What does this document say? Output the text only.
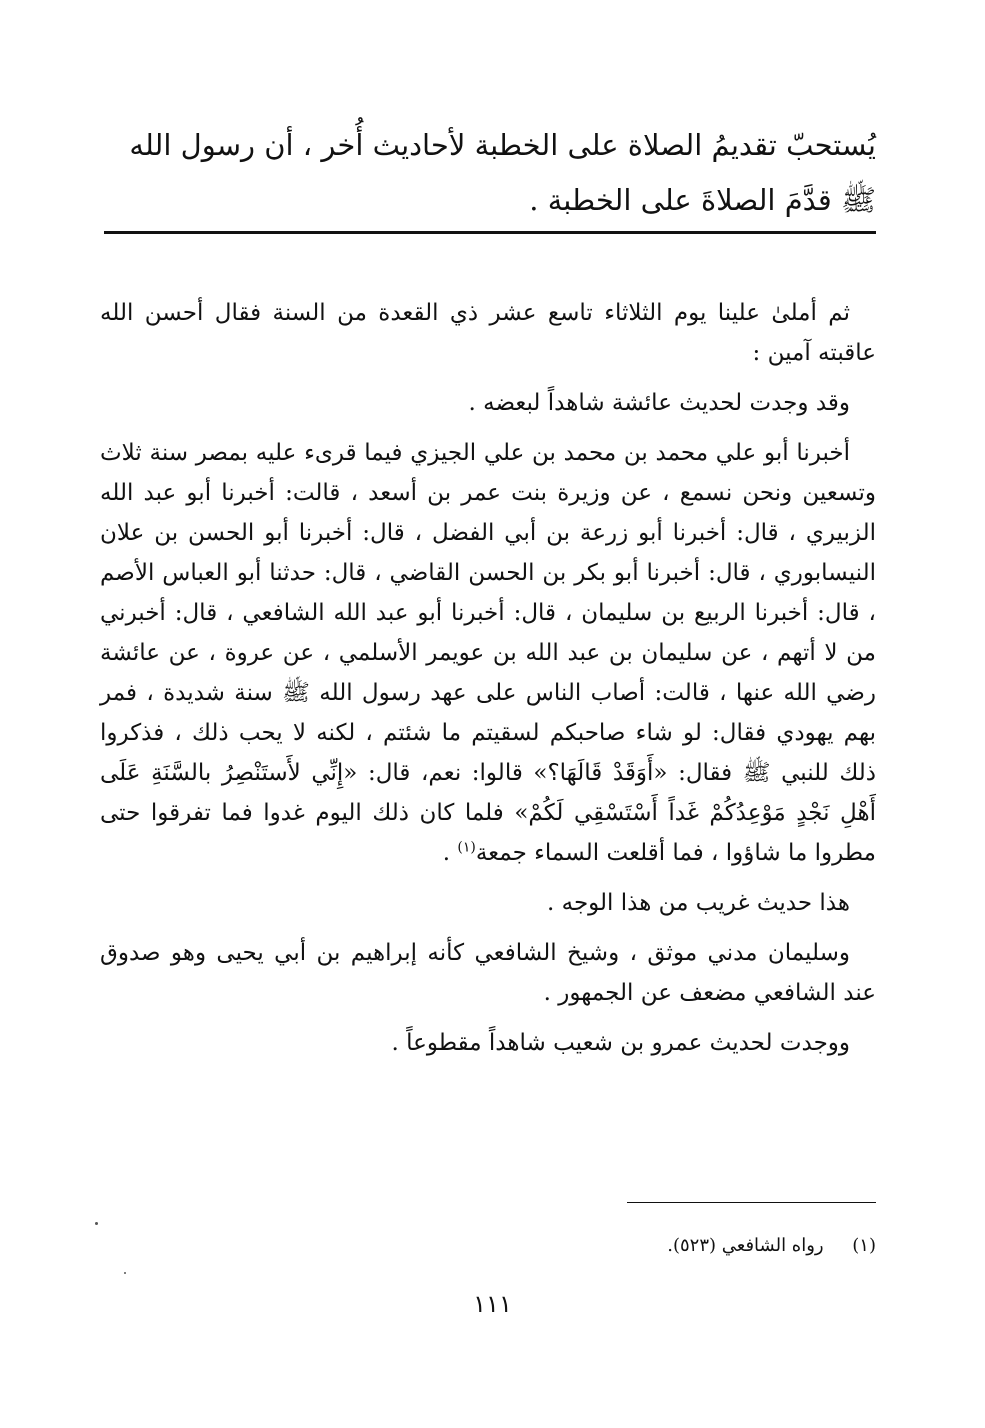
يُستحبّ تقديمُ الصلاة على الخطبة لأحاديث أُخر ، أن رسول الله

ﷺ قدَّمَ الصلاةَ على الخطبة .

ثم أملىٰ علينا يوم الثلاثاء تاسع عشر ذي القعدة من السنة فقال أحسن الله عاقبته آمين :

وقد وجدت لحديث عائشة شاهداً لبعضه .

أخبرنا أبو علي محمد بن محمد بن علي الجيزي فيما قرىء عليه بمصر سنة ثلاث وتسعين ونحن نسمع ، عن وزيرة بنت عمر بن أسعد ، قالت: أخبرنا أبو عبد الله الزبيري ، قال: أخبرنا أبو زرعة بن أبي الفضل ، قال: أخبرنا أبو الحسن بن علان النيسابوري ، قال: أخبرنا أبو بكر بن الحسن القاضي ، قال: حدثنا أبو العباس الأصم ، قال: أخبرنا الربيع بن سليمان ، قال: أخبرنا أبو عبد الله الشافعي ، قال: أخبرني من لا أتهم ، عن سليمان بن عبد الله بن عويمر الأسلمي ، عن عروة ، عن عائشة رضي الله عنها ، قالت: أصاب الناس على عهد رسول الله ﷺ سنة شديدة ، فمر بهم يهودي فقال: لو شاء صاحبكم لسقيتم ما شئتم ، لكنه لا يحب ذلك ، فذكروا ذلك للنبي ﷺ فقال: «أَوَقَدْ قَالَهَا؟» قالوا: نعم، قال: «إِنِّي لأَستَنْصِرُ بالسَّنَةِ عَلَى أَهْلِ نَجْدٍ مَوْعِدُكُمْ غَداً أَسْتَسْقِي لَكُمْ» فلما كان ذلك اليوم غدوا فما تفرقوا حتى مطروا ما شاؤوا ، فما أقلعت السماء جمعة$^{(١)}$ .

هذا حديث غريب من هذا الوجه .

وسليمان مدني موثق ، وشيخ الشافعي كأنه إبراهيم بن أبي يحيى وهو صدوق عند الشافعي مضعف عن الجمهور .

ووجدت لحديث عمرو بن شعيب شاهداً مقطوعاً .

(١)     رواه الشافعي (٥٢٣).
١١١
